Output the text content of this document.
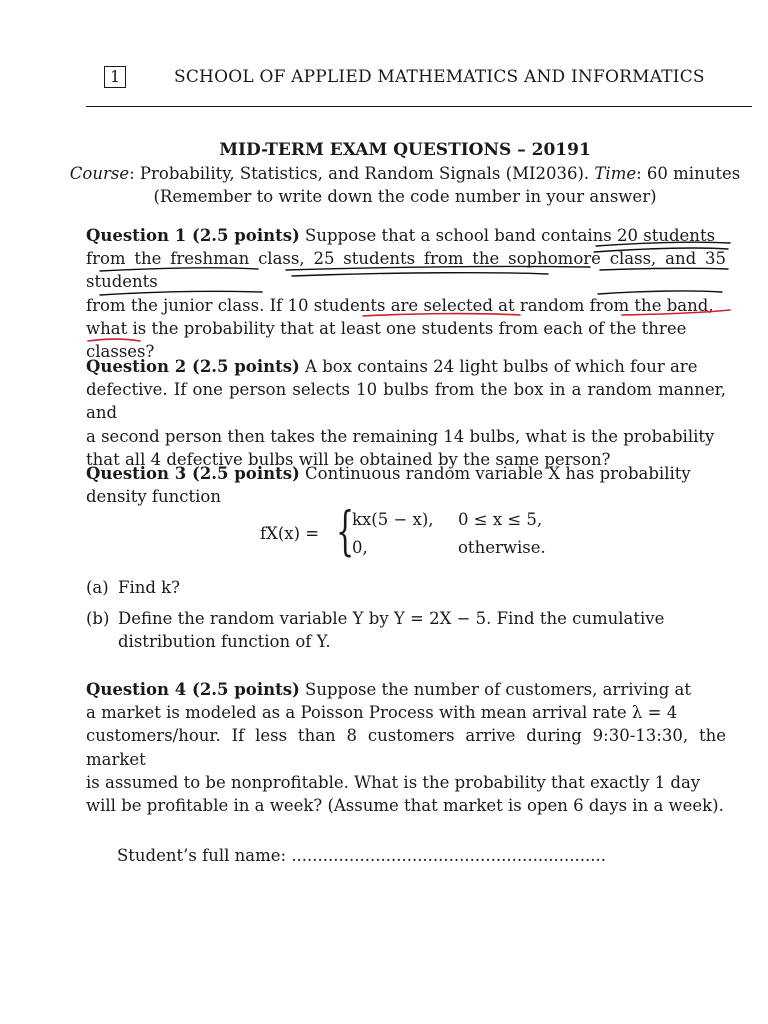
1	SCHOOL OF APPLIED MATHEMATICS AND INFORMATICS
MID-TERM EXAM QUESTIONS – 20191
Course: Probability, Statistics, and Random Signals (MI2036). Time: 60 minutes
(Remember to write down the code number in your answer)
Question 1 (2.5 points) Suppose that a school band contains 20 students
from the freshman class, 25 students from the sophomore class, and 35 students
from the junior class. If 10 students are selected at random from the band,
what is the probability that at least one students from each of the three
classes?
Question 2 (2.5 points) A box contains 24 light bulbs of which four are
defective. If one person selects 10 bulbs from the box in a random manner, and
a second person then takes the remaining 14 bulbs, what is the probability
that all 4 defective bulbs will be obtained by the same person?
Question 3 (2.5 points) Continuous random variable X has probability
density function
fX(x) = {
kx(5 − x), 0 ≤ x ≤ 5,
0,	otherwise.
(a) Find k?
(b) Define the random variable Y by Y = 2X − 5. Find the cumulative
distribution function of Y.
Question 4 (2.5 points) Suppose the number of customers, arriving at
a market is modeled as a Poisson Process with mean arrival rate λ = 4
customers/hour. If less than 8 customers arrive during 9:30-13:30, the market
is assumed to be nonprofitable. What is the probability that exactly 1 day
will be profitable in a week? (Assume that market is open 6 days in a week).
Student’s full name: ............................................................
